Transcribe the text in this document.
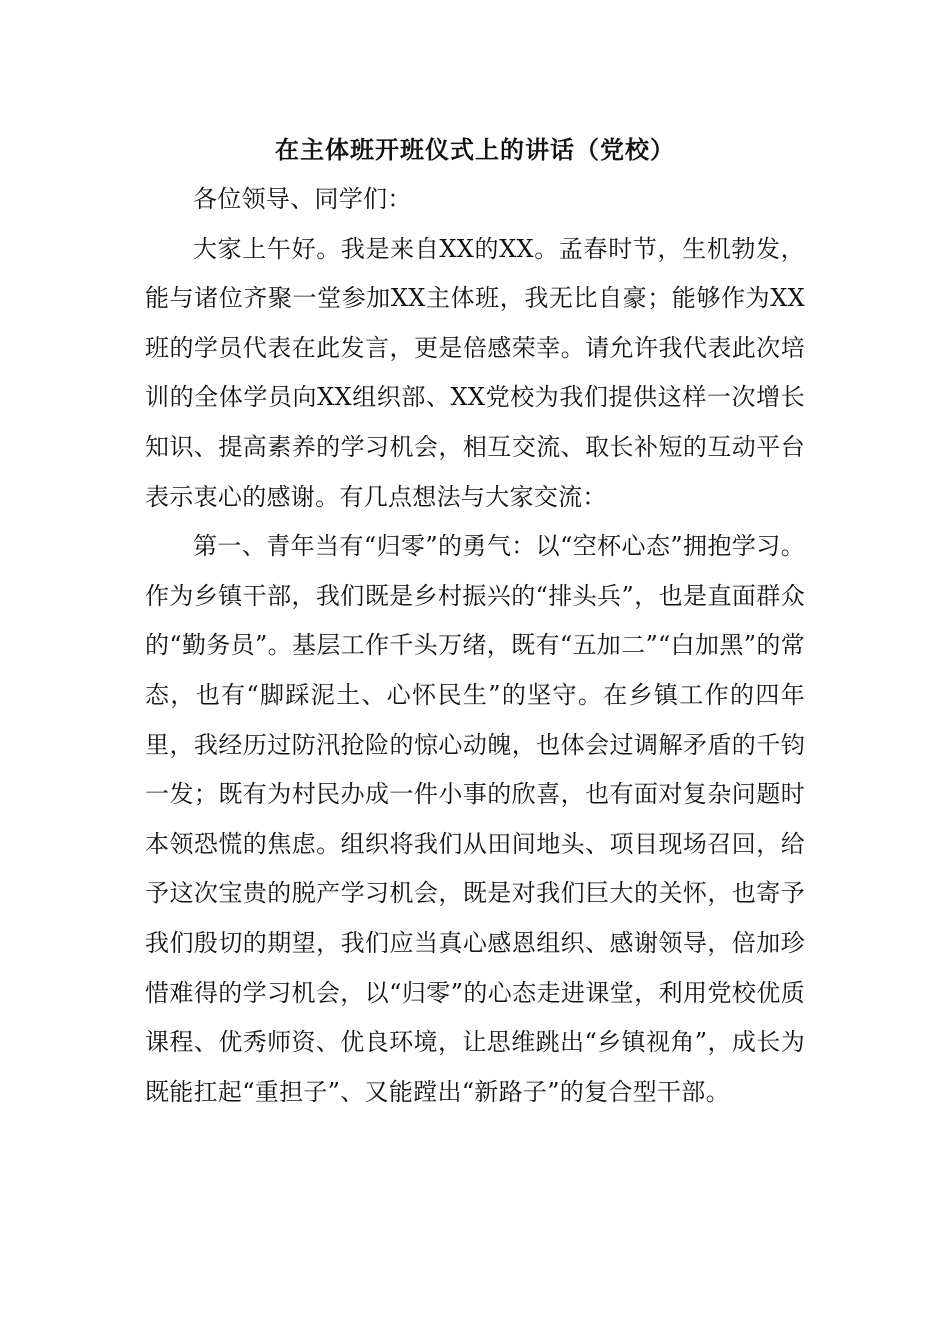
在主体班开班仪式上的讲话（党校）

各位领导、同学们：

大家上午好。我是来自XX的XX。孟春时节，生机勃发，能与诸位齐聚一堂参加XX主体班，我无比自豪；能够作为XX班的学员代表在此发言，更是倍感荣幸。请允许我代表此次培训的全体学员向XX组织部、XX党校为我们提供这样一次增长知识、提高素养的学习机会，相互交流、取长补短的互动平台表示衷心的感谢。有几点想法与大家交流：

第一、青年当有“归零”的勇气：以“空杯心态”拥抱学习。作为乡镇干部，我们既是乡村振兴的“排头兵”，也是直面群众的“勤务员”。基层工作千头万绪，既有“五加二”“白加黑”的常态，也有“脚踩泥土、心怀民生”的坚守。在乡镇工作的四年里，我经历过防汛抢险的惊心动魄，也体会过调解矛盾的千钧一发；既有为村民办成一件小事的欣喜，也有面对复杂问题时本领恐慌的焦虑。组织将我们从田间地头、项目现场召回，给予这次宝贵的脱产学习机会，既是对我们巨大的关怀，也寄予我们殷切的期望，我们应当真心感恩组织、感谢领导，倍加珍惜难得的学习机会，以“归零”的心态走进课堂，利用党校优质课程、优秀师资、优良环境，让思维跳出“乡镇视角”，成长为既能扛起“重担子”、又能蹚出“新路子”的复合型干部。
